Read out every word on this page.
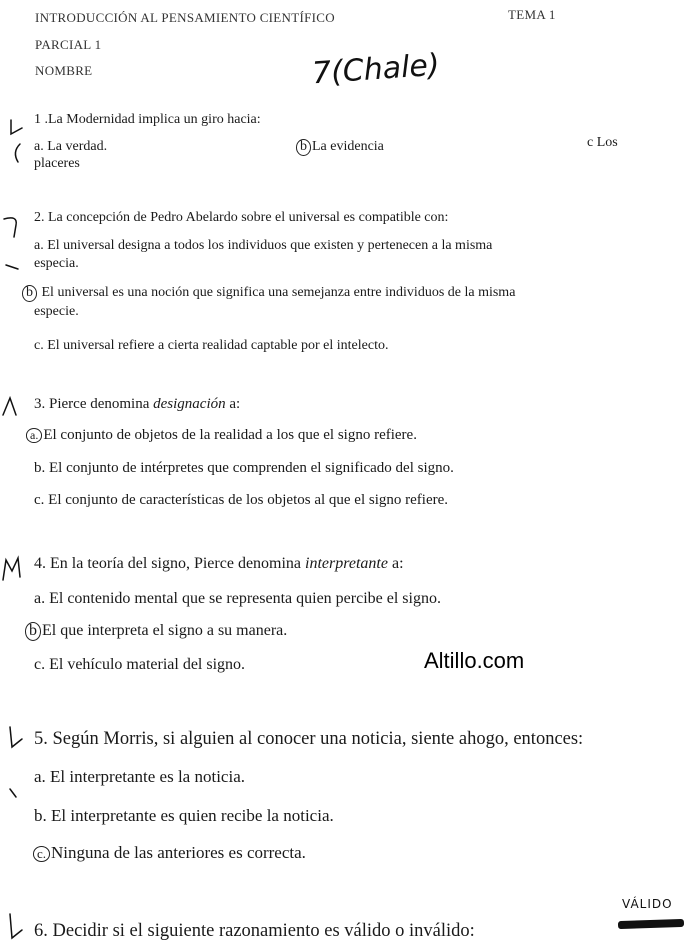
INTRODUCCIÓN AL PENSAMIENTO CIENTÍFICO	TEMA 1
PARCIAL 1
NOMBRE	7(Chale)
1 .La Modernidad implica un giro hacia:
a. La verdad.	b La evidencia	c Los
placeres
2. La concepción de Pedro Abelardo sobre el universal es compatible con:
a. El universal designa a todos los individuos que existen y pertenecen a la misma
especia.
b El universal es una noción que significa una semejanza entre individuos de la misma
especie.
c. El universal refiere a cierta realidad captable por el intelecto.
3. Pierce denomina designación a:
a. El conjunto de objetos de la realidad a los que el signo refiere.
b. El conjunto de intérpretes que comprenden el significado del signo.
c. El conjunto de características de los objetos al que el signo refiere.
4. En la teoría del signo, Pierce denomina interpretante a:
a. El contenido mental que se representa quien percibe el signo.
b El que interpreta el signo a su manera.
c. El vehículo material del signo.	Altillo.com
5. Según Morris, si alguien al conocer una noticia, siente ahogo, entonces:
a. El interpretante es la noticia.
b. El interpretante es quien recibe la noticia.
c. Ninguna de las anteriores es correcta.
6. Decidir si el siguiente razonamiento es válido o inválido:
VÁLIDO
